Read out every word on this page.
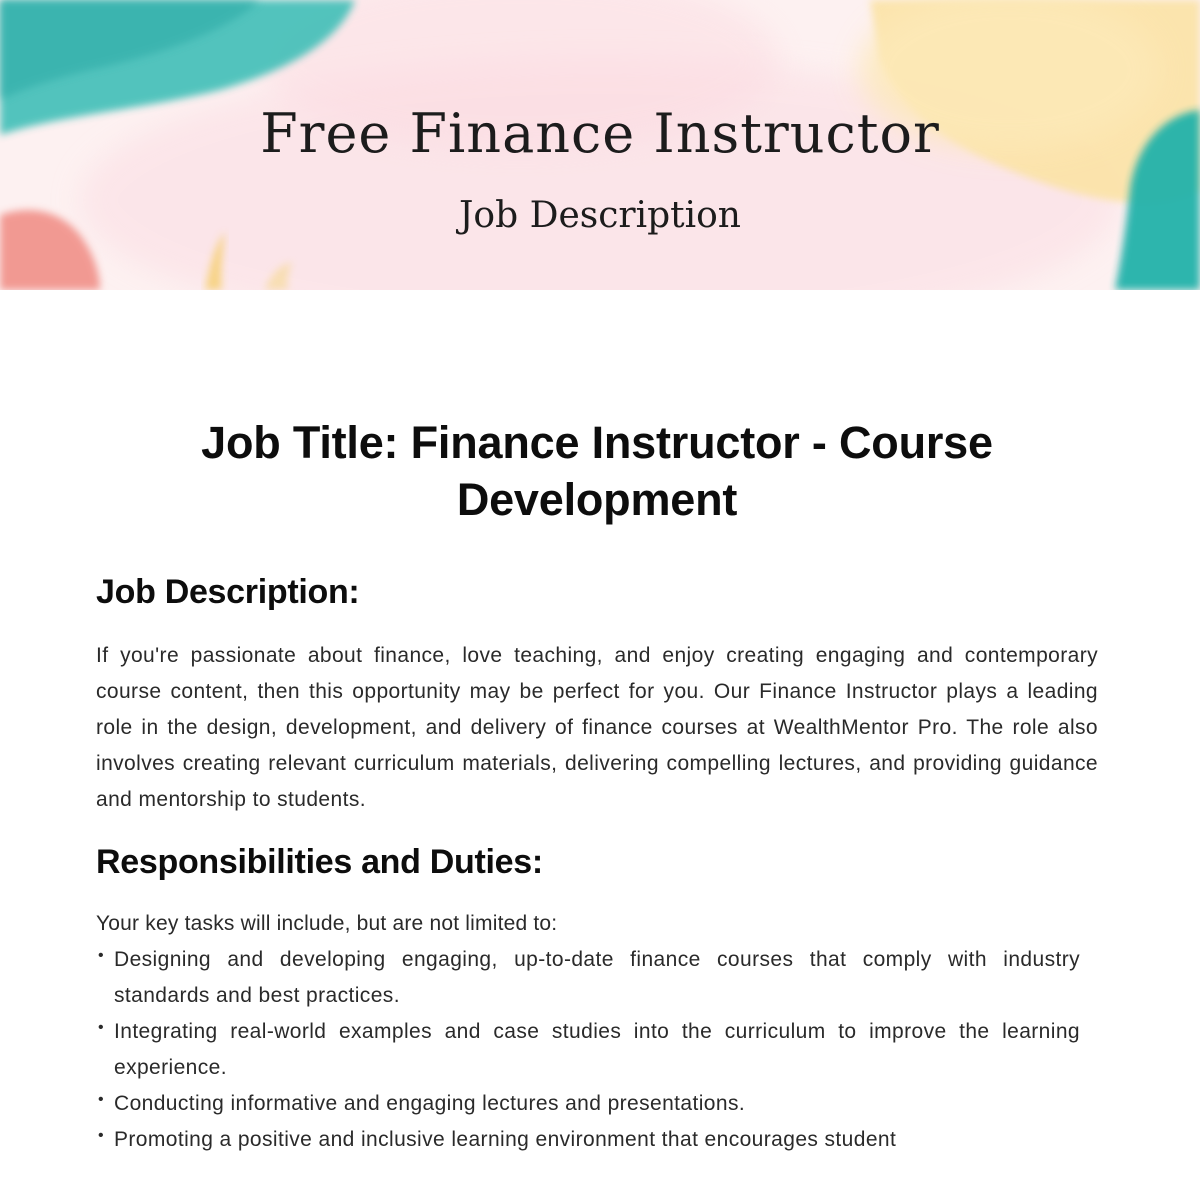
Free Finance Instructor
Job Description
Job Title: Finance Instructor - Course Development
Job Description:

If you're passionate about finance, love teaching, and enjoy creating engaging and contemporary course content, then this opportunity may be perfect for you. Our Finance Instructor plays a leading role in the design, development, and delivery of finance courses at WealthMentor Pro. The role also involves creating relevant curriculum materials, delivering compelling lectures, and providing guidance and mentorship to students.

Responsibilities and Duties:

Your key tasks will include, but are not limited to:

• Designing and developing engaging, up-to-date finance courses that comply with industry standards and best practices.
• Integrating real-world examples and case studies into the curriculum to improve the learning experience.
• Conducting informative and engaging lectures and presentations.
• Promoting a positive and inclusive learning environment that encourages student
